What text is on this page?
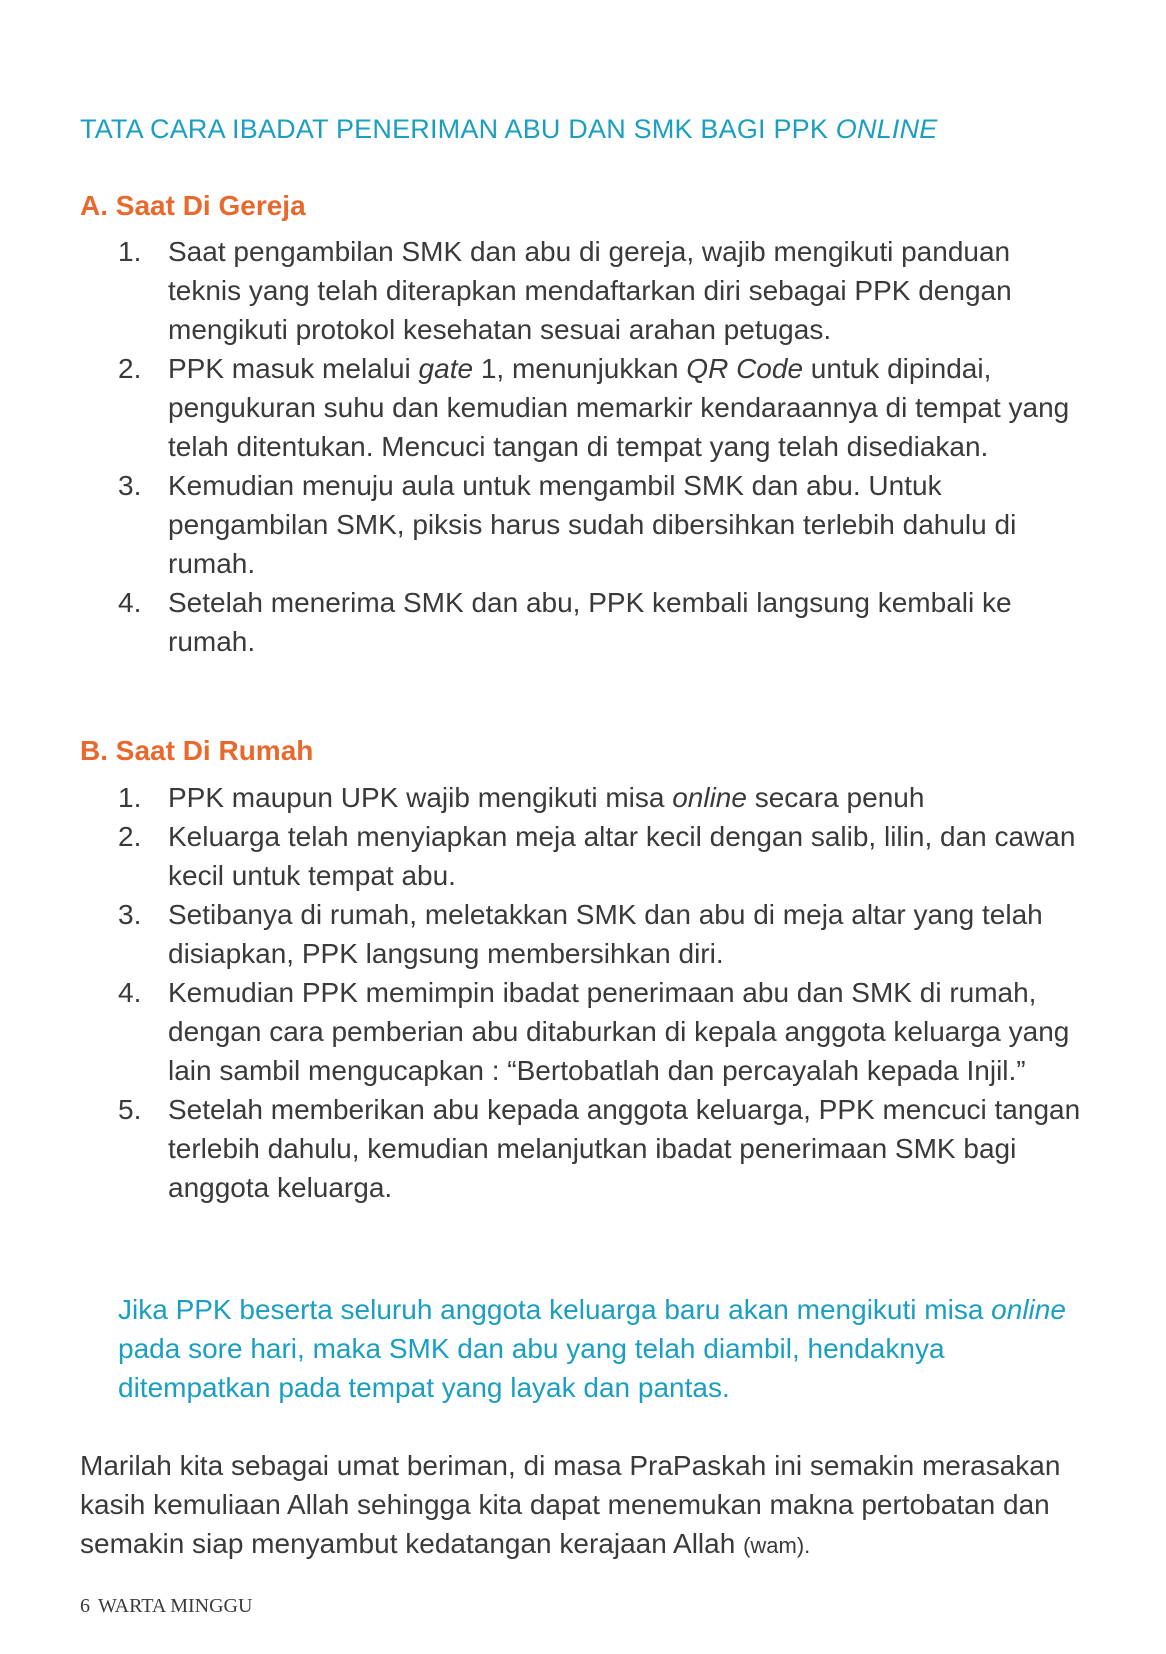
TATA CARA IBADAT PENERIMAN ABU DAN SMK BAGI PPK ONLINE
A. Saat Di Gereja
1. Saat pengambilan SMK dan abu di gereja, wajib mengikuti panduan teknis yang telah diterapkan mendaftarkan diri sebagai PPK dengan mengikuti protokol kesehatan sesuai arahan petugas.
2. PPK masuk melalui gate 1, menunjukkan QR Code untuk dipindai, pengukuran suhu dan kemudian memarkir kendaraannya di tempat yang telah ditentukan. Mencuci tangan di tempat yang telah disediakan.
3. Kemudian menuju aula untuk mengambil SMK dan abu. Untuk pengambilan SMK, piksis harus sudah dibersihkan terlebih dahulu di rumah.
4. Setelah menerima SMK dan abu, PPK kembali langsung kembali ke rumah.
B. Saat Di Rumah
1. PPK maupun UPK wajib mengikuti misa online secara penuh
2. Keluarga telah menyiapkan meja altar kecil dengan salib, lilin, dan cawan kecil untuk tempat abu.
3. Setibanya di rumah, meletakkan SMK dan abu di meja altar yang telah disiapkan, PPK langsung membersihkan diri.
4. Kemudian PPK memimpin ibadat penerimaan abu dan SMK di rumah, dengan cara pemberian abu ditaburkan di kepala anggota keluarga yang lain sambil mengucapkan : “Bertobatlah dan percayalah kepada Injil.”
5. Setelah memberikan abu kepada anggota keluarga, PPK mencuci tangan terlebih dahulu, kemudian melanjutkan ibadat penerimaan SMK bagi anggota keluarga.

Jika PPK beserta seluruh anggota keluarga baru akan mengikuti misa online pada sore hari, maka SMK dan abu yang telah diambil, hendaknya ditempatkan pada tempat yang layak dan pantas.

Marilah kita sebagai umat beriman, di masa PraPaskah ini semakin merasakan kasih kemuliaan Allah sehingga kita dapat menemukan makna pertobatan dan semakin siap menyambut kedatangan kerajaan Allah (wam).

6 WARTA MINGGU
